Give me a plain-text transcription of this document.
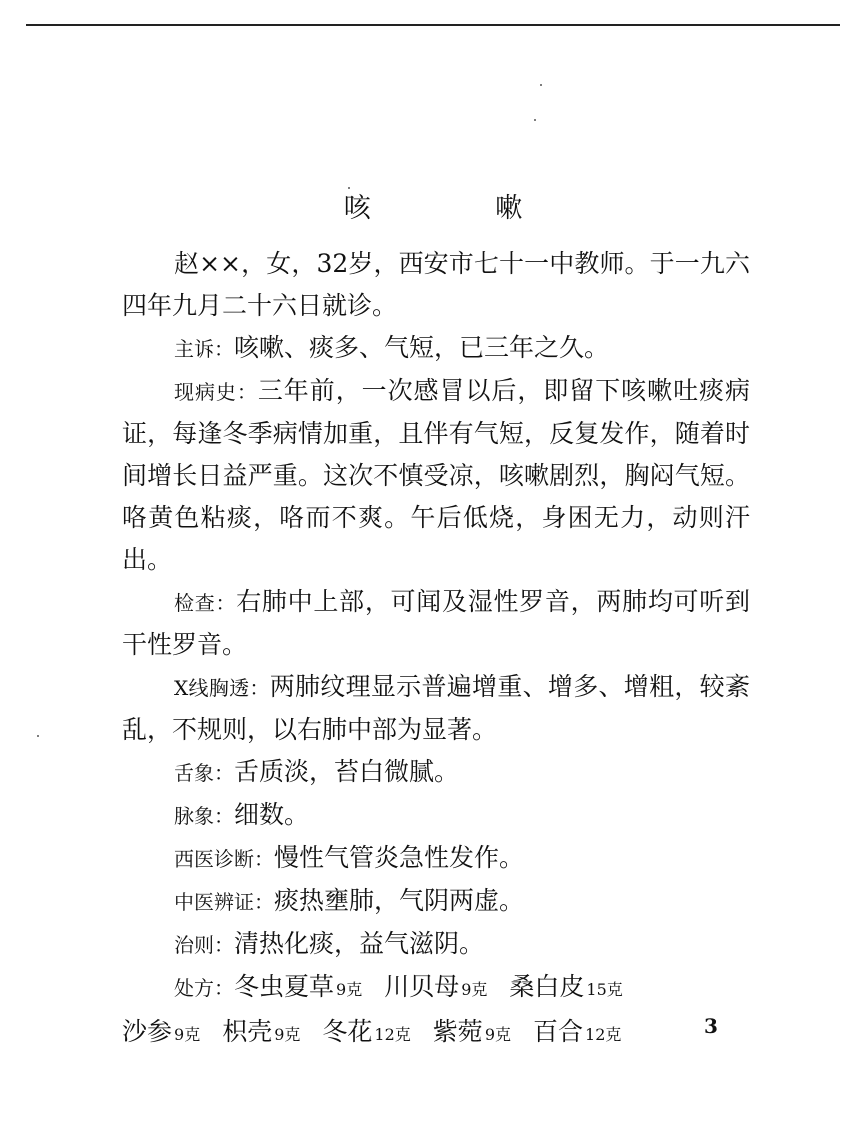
咳 嗽

赵××，女，32岁，西安市七十一中教师。于一九六四年九月二十六日就诊。

主诉：咳嗽、痰多、气短，已三年之久。

现病史：三年前，一次感冒以后，即留下咳嗽吐痰病证，每逢冬季病情加重，且伴有气短，反复发作，随着时间增长日益严重。这次不慎受凉，咳嗽剧烈，胸闷气短。咯黄色粘痰，咯而不爽。午后低烧，身困无力，动则汗出。

检查：右肺中上部，可闻及湿性罗音，两肺均可听到干性罗音。

X线胸透：两肺纹理显示普遍增重、增多、增粗，较紊乱，不规则，以右肺中部为显著。

舌象：舌质淡，苔白微腻。

脉象：细数。

西医诊断：慢性气管炎急性发作。

中医辨证：痰热壅肺，气阴两虚。

治则：清热化痰，益气滋阴。

处方：冬虫夏草 9克 川贝母 9克 桑白皮 15克

沙参 9克 枳壳 9克 冬花 12克 紫菀 9克 百合 12克	3
